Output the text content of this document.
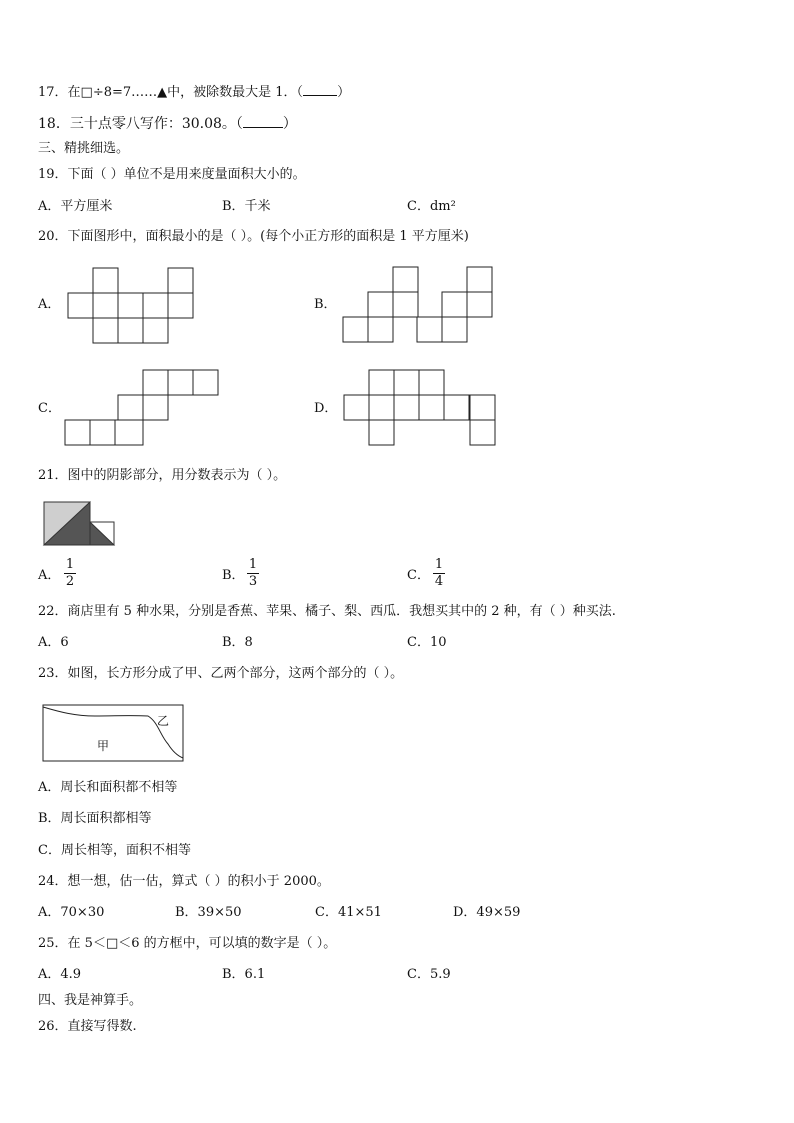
17．在□÷8=7……▲中，被除数最大是 1．（	）
18．三十点零八写作：30.08。（	）
三、精挑细选。
19．下面（ ）单位不是用来度量面积大小的。
A．平方厘米	B．千米	C．dm²
20．下面图形中，面积最小的是（ ）。(每个小正方形的面积是 1 平方厘米)
A．	B．
C．	D．
21．图中的阴影部分，用分数表示为（ ）。
A．
1
2	B．
1
3	C．
1
4
22．商店里有 5 种水果，分别是香蕉、苹果、橘子、梨、西瓜．我想买其中的 2 种，有（ ）种买法.
A．6	B．8	C．10
23．如图，长方形分成了甲、乙两个部分，这两个部分的（ ）。
乙
甲
A．周长和面积都不相等
B．周长面积都相等
C．周长相等，面积不相等
24．想一想，估一估，算式（ ）的积小于 2000。
A．70×30	B．39×50	C．41×51	D．49×59
25．在 5＜□＜6 的方框中，可以填的数字是（ ）。
A．4.9	B．6.1	C．5.9
四、我是神算手。
26．直接写得数.
